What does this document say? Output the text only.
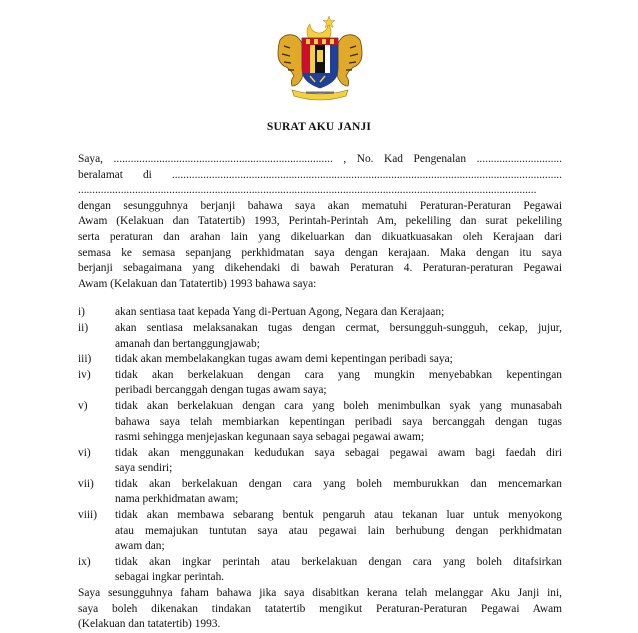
SURAT AKU JANJI
Saya, ............................................................................. , No. Kad Pengenalan ..............................
beralamat di .........................................................................................................................................
.................................................................................................................................................................
dengan sesungguhnya berjanji bahawa saya akan mematuhi Peraturan-Peraturan Pegawai
Awam (Kelakuan dan Tatatertib) 1993, Perintah-Perintah Am, pekeliling dan surat pekeliling
serta peraturan dan arahan lain yang dikeluarkan dan dikuatkuasakan oleh Kerajaan dari
semasa ke semasa sepanjang perkhidmatan saya dengan kerajaan. Maka dengan itu saya
berjanji sebagaimana yang dikehendaki di bawah Peraturan 4. Peraturan-peraturan Pegawai
Awam (Kelakuan dan Tatatertib) 1993 bahawa saya:
i)	akan sentiasa taat kepada Yang di-Pertuan Agong, Negara dan Kerajaan;
ii)	akan sentiasa melaksanakan tugas dengan cermat, bersungguh-sungguh, cekap, jujur,
amanah dan bertanggungjawab;
iii)	tidak akan membelakangkan tugas awam demi kepentingan peribadi saya;
iv)	tidak akan berkelakuan dengan cara yang mungkin menyebabkan kepentingan
peribadi bercanggah dengan tugas awam saya;
v)	tidak akan berkelakuan dengan cara yang boleh menimbulkan syak yang munasabah
bahawa saya telah membiarkan kepentingan peribadi saya bercanggah dengan tugas
rasmi sehingga menjejaskan kegunaan saya sebagai pegawai awam;
vi)	tidak akan menggunakan kedudukan saya sebagai pegawai awam bagi faedah diri
saya sendiri;
vii)	tidak akan berkelakuan dengan cara yang boleh memburukkan dan mencemarkan
nama perkhidmatan awam;
viii)	tidak akan membawa sebarang bentuk pengaruh atau tekanan luar untuk menyokong
atau memajukan tuntutan saya atau pegawai lain berhubung dengan perkhidmatan
awam dan;
ix)	tidak akan ingkar perintah atau berkelakuan dengan cara yang boleh ditafsirkan
sebagai ingkar perintah.
Saya sesungguhnya faham bahawa jika saya disabitkan kerana telah melanggar Aku Janji ini,
saya boleh dikenakan tindakan tatatertib mengikut Peraturan-Peraturan Pegawai Awam
(Kelakuan dan tatatertib) 1993.
